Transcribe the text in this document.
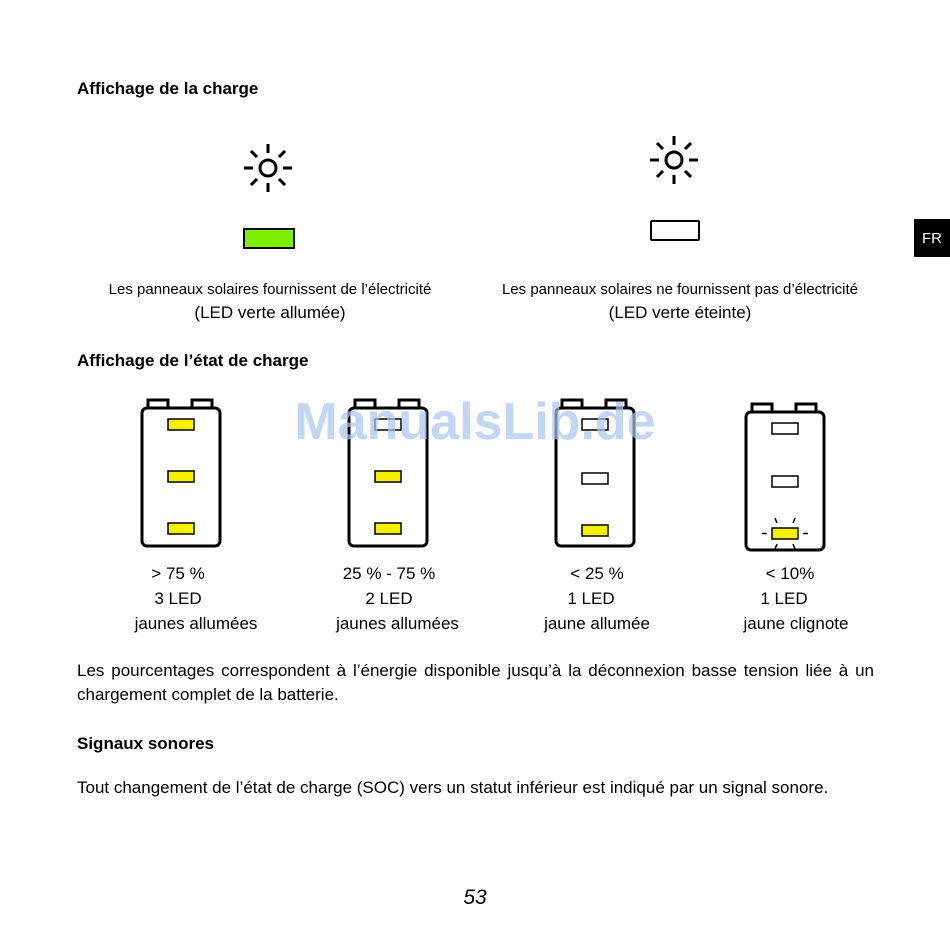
FR
Affichage de la charge
Les panneaux solaires fournissent de l’électricité
(LED verte allumée)
Les panneaux solaires ne fournissent pas d’électricité
(LED verte éteinte)
Affichage de l’état de charge
> 75 %
3 LED
jaunes allumées
25 % - 75 %
2 LED
jaunes allumées
< 25 %
1 LED
jaune allumée
< 10%
1 LED
jaune clignote
Les pourcentages correspondent à l’énergie disponible jusqu’à la déconnexion basse tension liée à un chargement complet de la batterie.
Signaux sonores
Tout changement de l’état de charge (SOC) vers un statut inférieur est indiqué par un signal sonore.
ManualsLib.de
53
